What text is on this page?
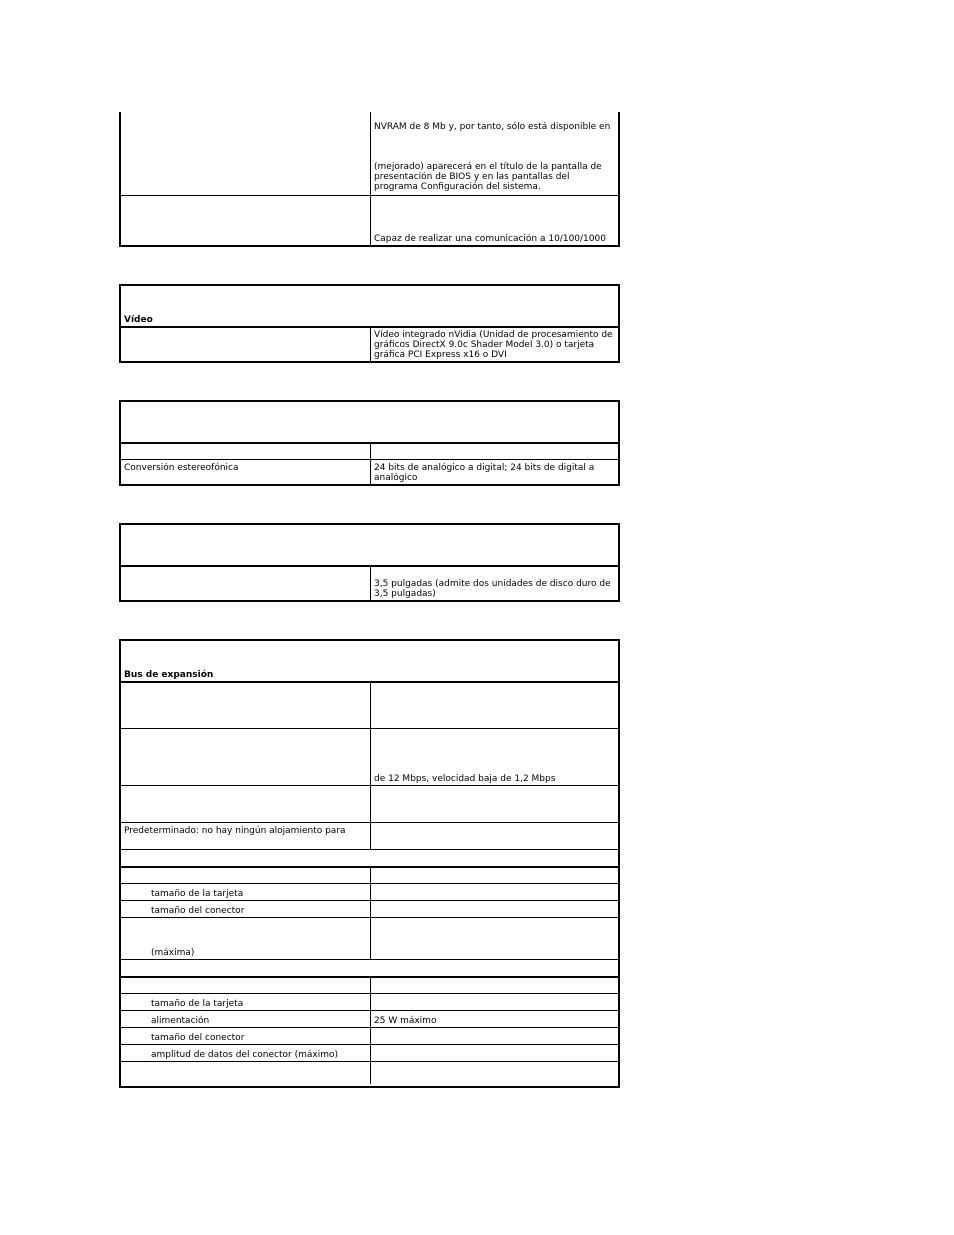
NVRAM de 8 Mb y, por tanto, sólo está disponible en
(mejorado) aparecerá en el título de la pantalla de presentación de BIOS y en las pantallas del programa Configuración del sistema.
Capaz de realizar una comunicación a 10/100/1000
Vídeo
Vídeo integrado nVidia (Unidad de procesamiento de gráficos DirectX 9.0c Shader Model 3.0) o tarjeta gráfica PCI Express x16 o DVI
Conversión estereofónica	24 bits de analógico a digital; 24 bits de digital a analógico
3,5 pulgadas (admite dos unidades de disco duro de 3,5 pulgadas)
Bus de expansión
de 12 Mbps, velocidad baja de 1,2 Mbps
Predeterminado: no hay ningún alojamiento para
tamaño de la tarjeta
tamaño del conector
(máxima)
tamaño de la tarjeta
alimentación	25 W máximo
tamaño del conector
amplitud de datos del conector (máximo)
